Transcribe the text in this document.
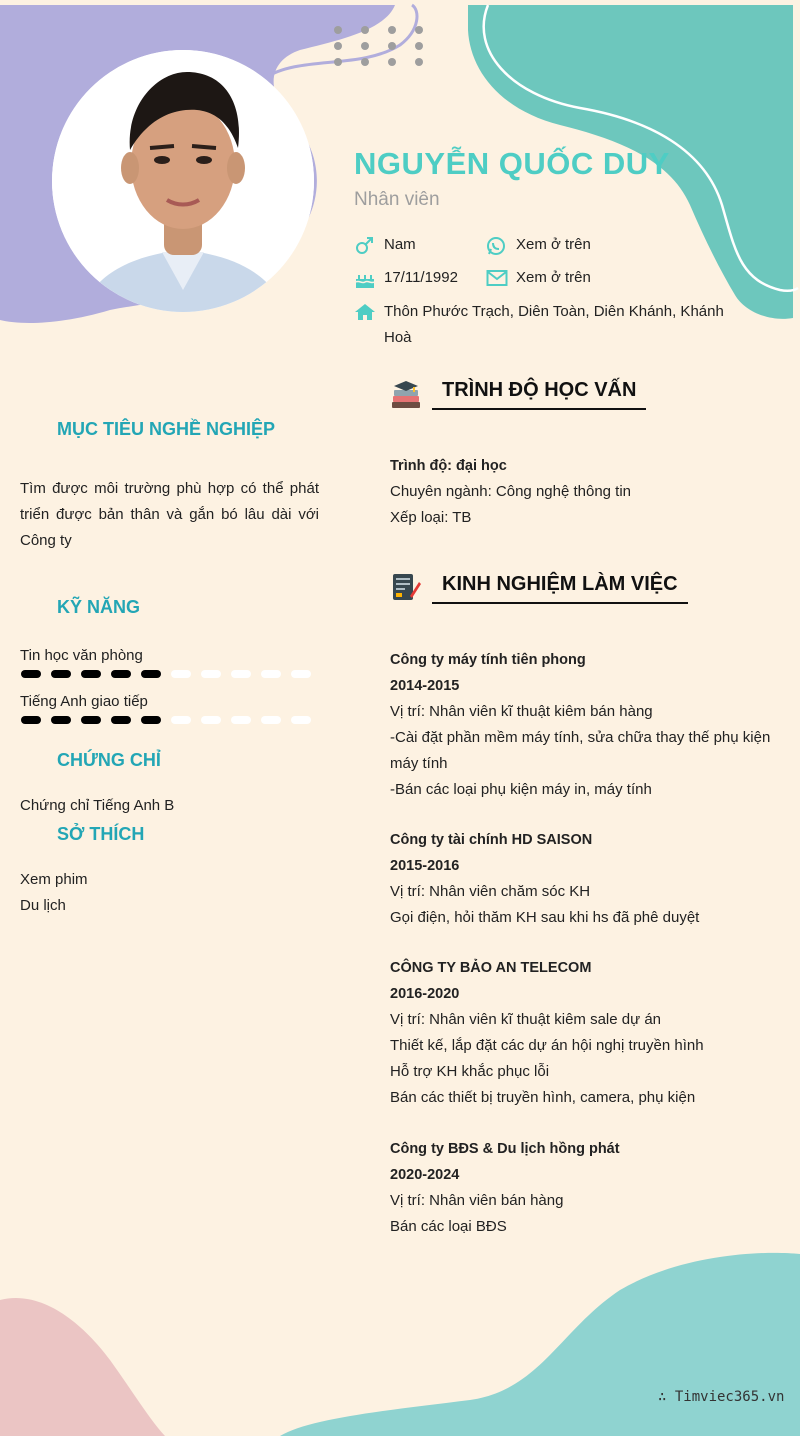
NGUYỄN QUỐC DUY
Nhân viên
Nam	Xem ở trên
17/11/1992	Xem ở trên
Thôn Phước Trạch, Diên Toàn, Diên Khánh, Khánh Hoà
MỤC TIÊU NGHỀ NGHIỆP
Tìm được môi trường phù hợp có thể phát triển được bản thân và gắn bó lâu dài với Công ty
KỸ NĂNG
Tin học văn phòng
Tiếng Anh giao tiếp
CHỨNG CHỈ
Chứng chỉ Tiếng Anh B
SỞ THÍCH
Xem phim
Du lịch
TRÌNH ĐỘ HỌC VẤN
Trình độ: đại học
Chuyên ngành: Công nghệ thông tin
Xếp loại: TB
KINH NGHIỆM LÀM VIỆC
Công ty máy tính tiên phong
2014-2015
Vị trí: Nhân viên kĩ thuật kiêm bán hàng
-Cài đặt phần mềm máy tính, sửa chữa thay thế phụ kiện máy tính
-Bán các loại phụ kiện máy in, máy tính
Công ty tài chính HD SAISON
2015-2016
Vị trí: Nhân viên chăm sóc KH
Gọi điện, hỏi thăm KH sau khi hs đã phê duyệt
CÔNG TY BẢO AN TELECOM
2016-2020
Vị trí: Nhân viên kĩ thuật kiêm sale dự án
Thiết kế, lắp đặt các dự án hội nghị truyền hình
Hỗ trợ KH khắc phục lỗi
Bán các thiết bị truyền hình, camera, phụ kiện
Công ty BĐS & Du lịch hồng phát
2020-2024
Vị trí: Nhân viên bán hàng
Bán các loại BĐS
∴ Timviec365.vn
